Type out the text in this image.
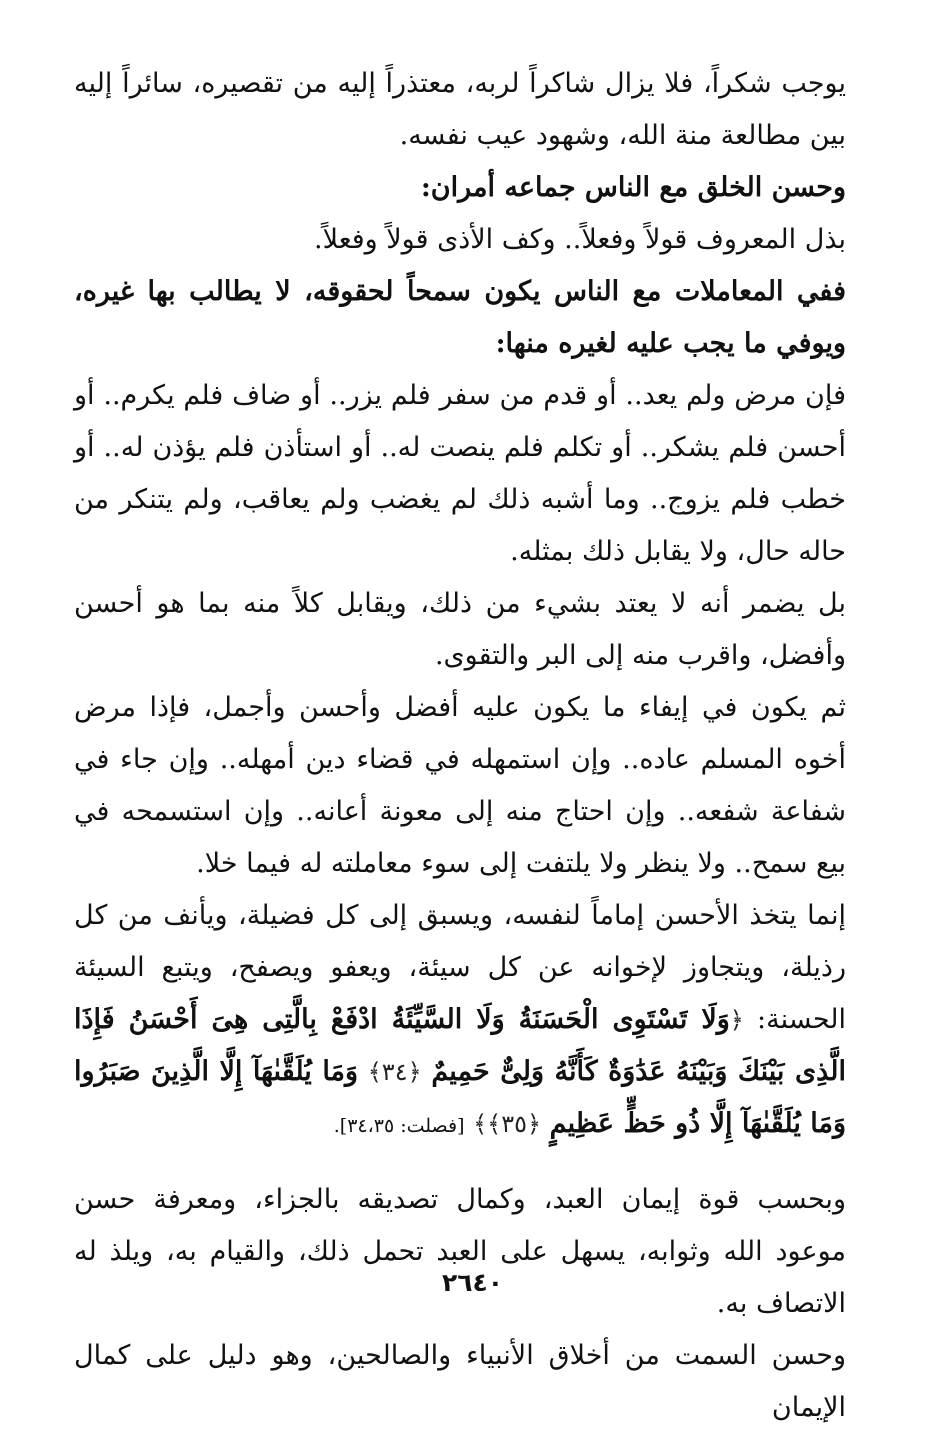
يوجب شكراً، فلا يزال شاكراً لربه، معتذراً إليه من تقصيره، سائراً إليه بين مطالعة منة الله، وشهود عيب نفسه.

وحسن الخلق مع الناس جماعه أمران:

بذل المعروف قولاً وفعلاً.. وكف الأذى قولاً وفعلاً.

ففي المعاملات مع الناس يكون سمحاً لحقوقه، لا يطالب بها غيره، ويوفي ما يجب عليه لغيره منها:

فإن مرض ولم يعد.. أو قدم من سفر فلم يزر.. أو ضاف فلم يكرم.. أو أحسن فلم يشكر.. أو تكلم فلم ينصت له.. أو استأذن فلم يؤذن له.. أو خطب فلم يزوج.. وما أشبه ذلك لم يغضب ولم يعاقب، ولم يتنكر من حاله حال، ولا يقابل ذلك بمثله.

بل يضمر أنه لا يعتد بشيء من ذلك، ويقابل كلاً منه بما هو أحسن وأفضل، واقرب منه إلى البر والتقوى.

ثم يكون في إيفاء ما يكون عليه أفضل وأحسن وأجمل، فإذا مرض أخوه المسلم عاده.. وإن استمهله في قضاء دين أمهله.. وإن جاء في شفاعة شفعه.. وإن احتاج منه إلى معونة أعانه.. وإن استسمحه في بيع سمح.. ولا ينظر ولا يلتفت إلى سوء معاملته له فيما خلا.

إنما يتخذ الأحسن إماماً لنفسه، ويسبق إلى كل فضيلة، ويأنف من كل رذيلة، ويتجاوز لإخوانه عن كل سيئة، ويعفو ويصفح، ويتبع السيئة الحسنة: ﴿وَلَا تَسْتَوِى الْحَسَنَةُ وَلَا السَّيِّئَةُ ادْفَعْ بِالَّتِى هِىَ أَحْسَنُ فَإِذَا الَّذِى بَيْنَكَ وَبَيْنَهُ عَدَٰوَةٌ كَأَنَّهُ وَلِىٌّ حَمِيمٌ ﴿٣٤﴾ وَمَا يُلَقَّىٰهَآ إِلَّا الَّذِينَ صَبَرُوا وَمَا يُلَقَّىٰهَآ إِلَّا ذُو حَظٍّ عَظِيمٍ ﴿٣٥﴾﴾ [فصلت: ٣٤،٣٥].

وبحسب قوة إيمان العبد، وكمال تصديقه بالجزاء، ومعرفة حسن موعود الله وثوابه، يسهل على العبد تحمل ذلك، والقيام به، ويلذ له الاتصاف به.

وحسن السمت من أخلاق الأنبياء والصالحين، وهو دليل على كمال الإيمان

٢٦٤٠
